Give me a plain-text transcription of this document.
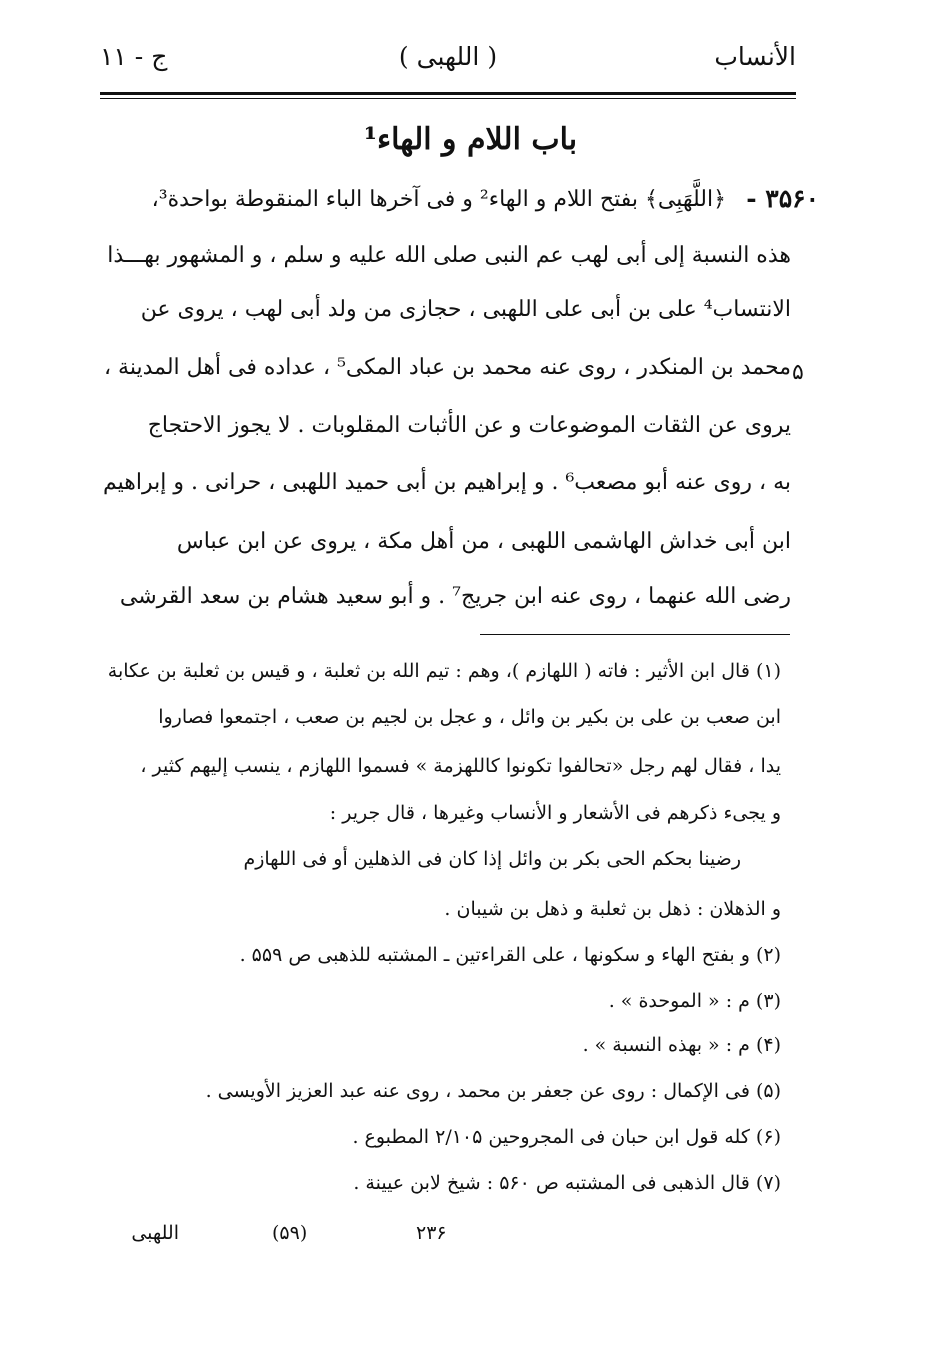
الأنساب
( اللهبی )
ج - ۱۱
باب اللام و الهاء¹
۳۵۶۰ -
﴿اللَّهَبِی﴾ بفتح اللام و الهاء² و فی آخرها الباء المنقوطة بواحدة³،
هذه النسبة إلی أبی لهب عم النبی صلی الله علیه و سلم ، و المشهور بهـــذا
الانتساب⁴ علی بن أبی علی اللهبی ، حجازی من ولد أبی لهب ، یروی عن
محمد بن المنکدر ، روی عنه محمد بن عباد المکی⁵ ، عداده فی أهل المدینة ، ۵
یروی عن الثقات الموضوعات و عن الأثبات المقلوبات . لا یجوز الاحتجاج
به ، روی عنه أبو مصعب⁶ . و إبراهیم بن أبی حمید اللهبی ، حرانی . و إبراهیم
ابن أبی خداش الهاشمی اللهبی ، من أهل مکة ، یروی عن ابن عباس
رضی الله عنهما ، روی عنه ابن جریج⁷ . و أبو سعید هشام بن سعد القرشی
(۱) قال ابن الأثیر : فاته ( اللهازم )، وهم : تیم الله بن ثعلبة ، و قیس بن ثعلبة بن عکابة
ابن صعب بن علی بن بکیر بن وائل ، و عجل بن لجیم بن صعب ، اجتمعوا فصاروا
یدا ، فقال لهم رجل «تحالفوا تکونوا کاللهزمة » فسموا اللهازم ، ینسب إلیهم کثیر ،
و یجیء ذکرهم فی الأشعار و الأنساب وغیرها ، قال جریر :
رضینا بحکم الحی بکر بن وائل إذا کان فی الذهلین أو فی اللهازم
و الذهلان : ذهل بن ثعلبة و ذهل بن شیبان .
(۲) و بفتح الهاء و سکونها ، علی القراءتین ـ المشتبه للذهبی ص ۵۵۹ .
(۳) م : « الموحدة » .
(۴) م : « بهذه النسبة » .
(۵) فی الإکمال : روی عن جعفر بن محمد ، روی عنه عبد العزیز الأویسی .
(۶) کله قول ابن حبان فی المجروحین ۲/۱۰۵ المطبوع .
(۷) قال الذهبی فی المشتبه ص ۵۶۰ : شیخ لابن عیینة .
اللهبی	(۵۹)	۲۳۶
